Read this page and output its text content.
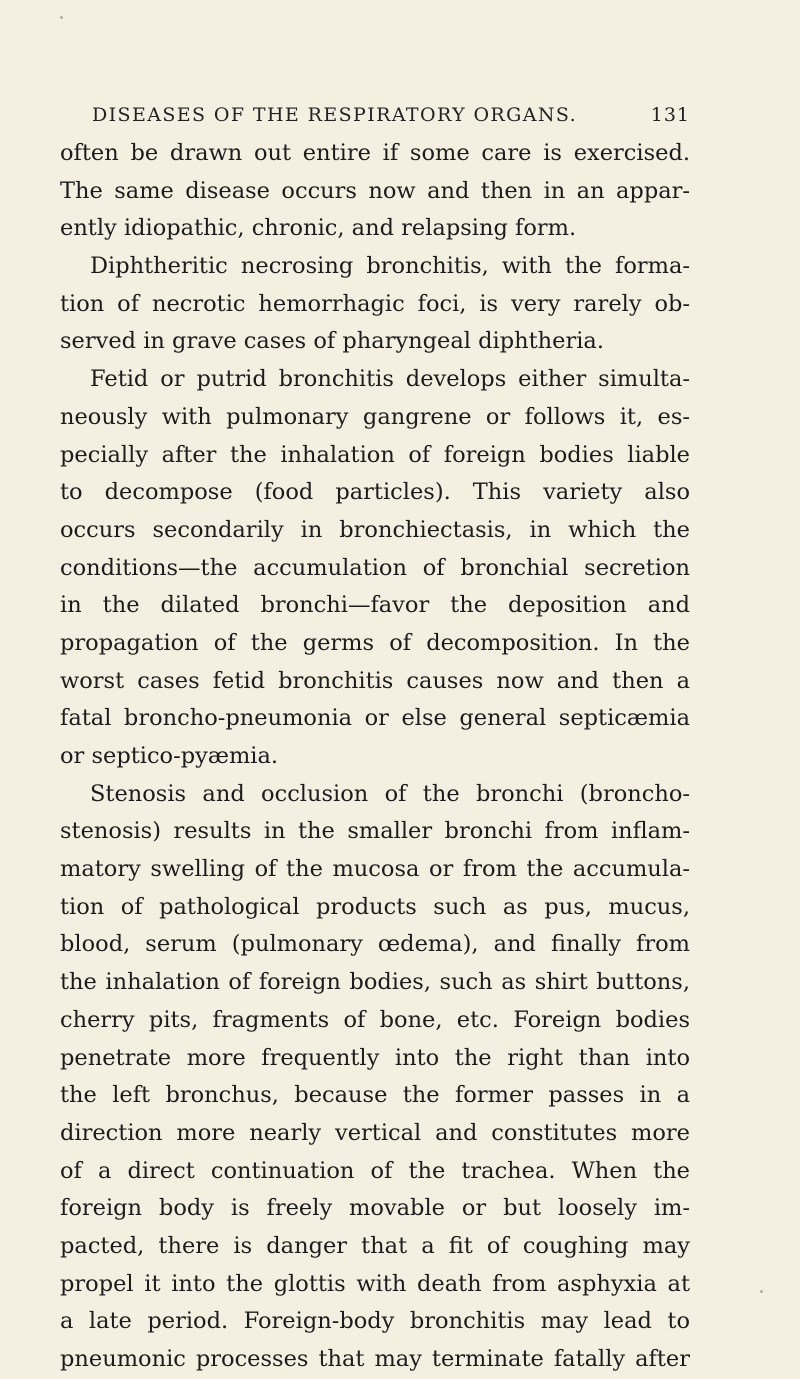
DISEASES OF THE RESPIRATORY ORGANS.	131
often be drawn out entire if some care is exercised.
The same disease occurs now and then in an appar-
ently idiopathic, chronic, and relapsing form.
Diphtheritic necrosing bronchitis, with the forma-
tion of necrotic hemorrhagic foci, is very rarely ob-
served in grave cases of pharyngeal diphtheria.
Fetid or putrid bronchitis develops either simulta-
neously with pulmonary gangrene or follows it, es-
pecially after the inhalation of foreign bodies liable
to decompose (food particles). This variety also
occurs secondarily in bronchiectasis, in which the
conditions—the accumulation of bronchial secretion
in the dilated bronchi—favor the deposition and
propagation of the germs of decomposition. In the
worst cases fetid bronchitis causes now and then a
fatal broncho-pneumonia or else general septicæmia
or septico-pyæmia.
Stenosis and occlusion of the bronchi (broncho-
stenosis) results in the smaller bronchi from inflam-
matory swelling of the mucosa or from the accumula-
tion of pathological products such as pus, mucus,
blood, serum (pulmonary œdema), and finally from
the inhalation of foreign bodies, such as shirt buttons,
cherry pits, fragments of bone, etc. Foreign bodies
penetrate more frequently into the right than into
the left bronchus, because the former passes in a
direction more nearly vertical and constitutes more
of a direct continuation of the trachea. When the
foreign body is freely movable or but loosely im-
pacted, there is danger that a fit of coughing may
propel it into the glottis with death from asphyxia at
a late period. Foreign-body bronchitis may lead to
pneumonic processes that may terminate fatally after
